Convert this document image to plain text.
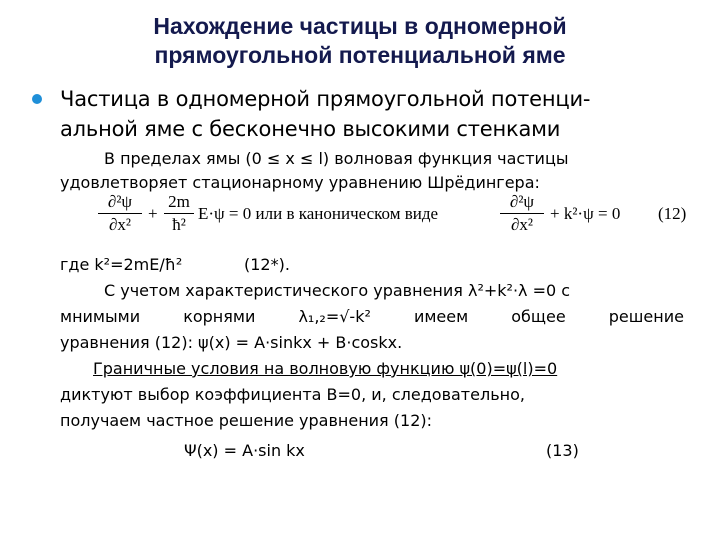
Нахождение частицы в одномерной
прямоугольной потенциальной яме
Частица в одномерной прямоугольной потенци-
альной яме с бесконечно высокими стенками
В пределах ямы (0 ≤ x ≤ l) волновая функция частицы
удовлетворяет стационарному уравнению Шрёдингера:
∂²ψ
∂x²
+
2m
ħ²
E·ψ = 0 или в каноническом виде
∂²ψ
∂x²
+ k²·ψ = 0 (12)
где k²=2mE/ħ²	(12*).
С учетом характеристического уравнения λ²+k²·λ =0 с
мнимыми	корнями	λ₁,₂=√-k²	имеем	общее	решение
уравнения (12): ψ(x) = A·sinkx + B·coskx.
Граничные условия на волновую функцию ψ(0)=ψ(l)=0
диктуют выбор коэффициента B=0, и, следовательно,
получаем частное решение уравнения (12):
Ψ(x) = A·sin kx	(13)
